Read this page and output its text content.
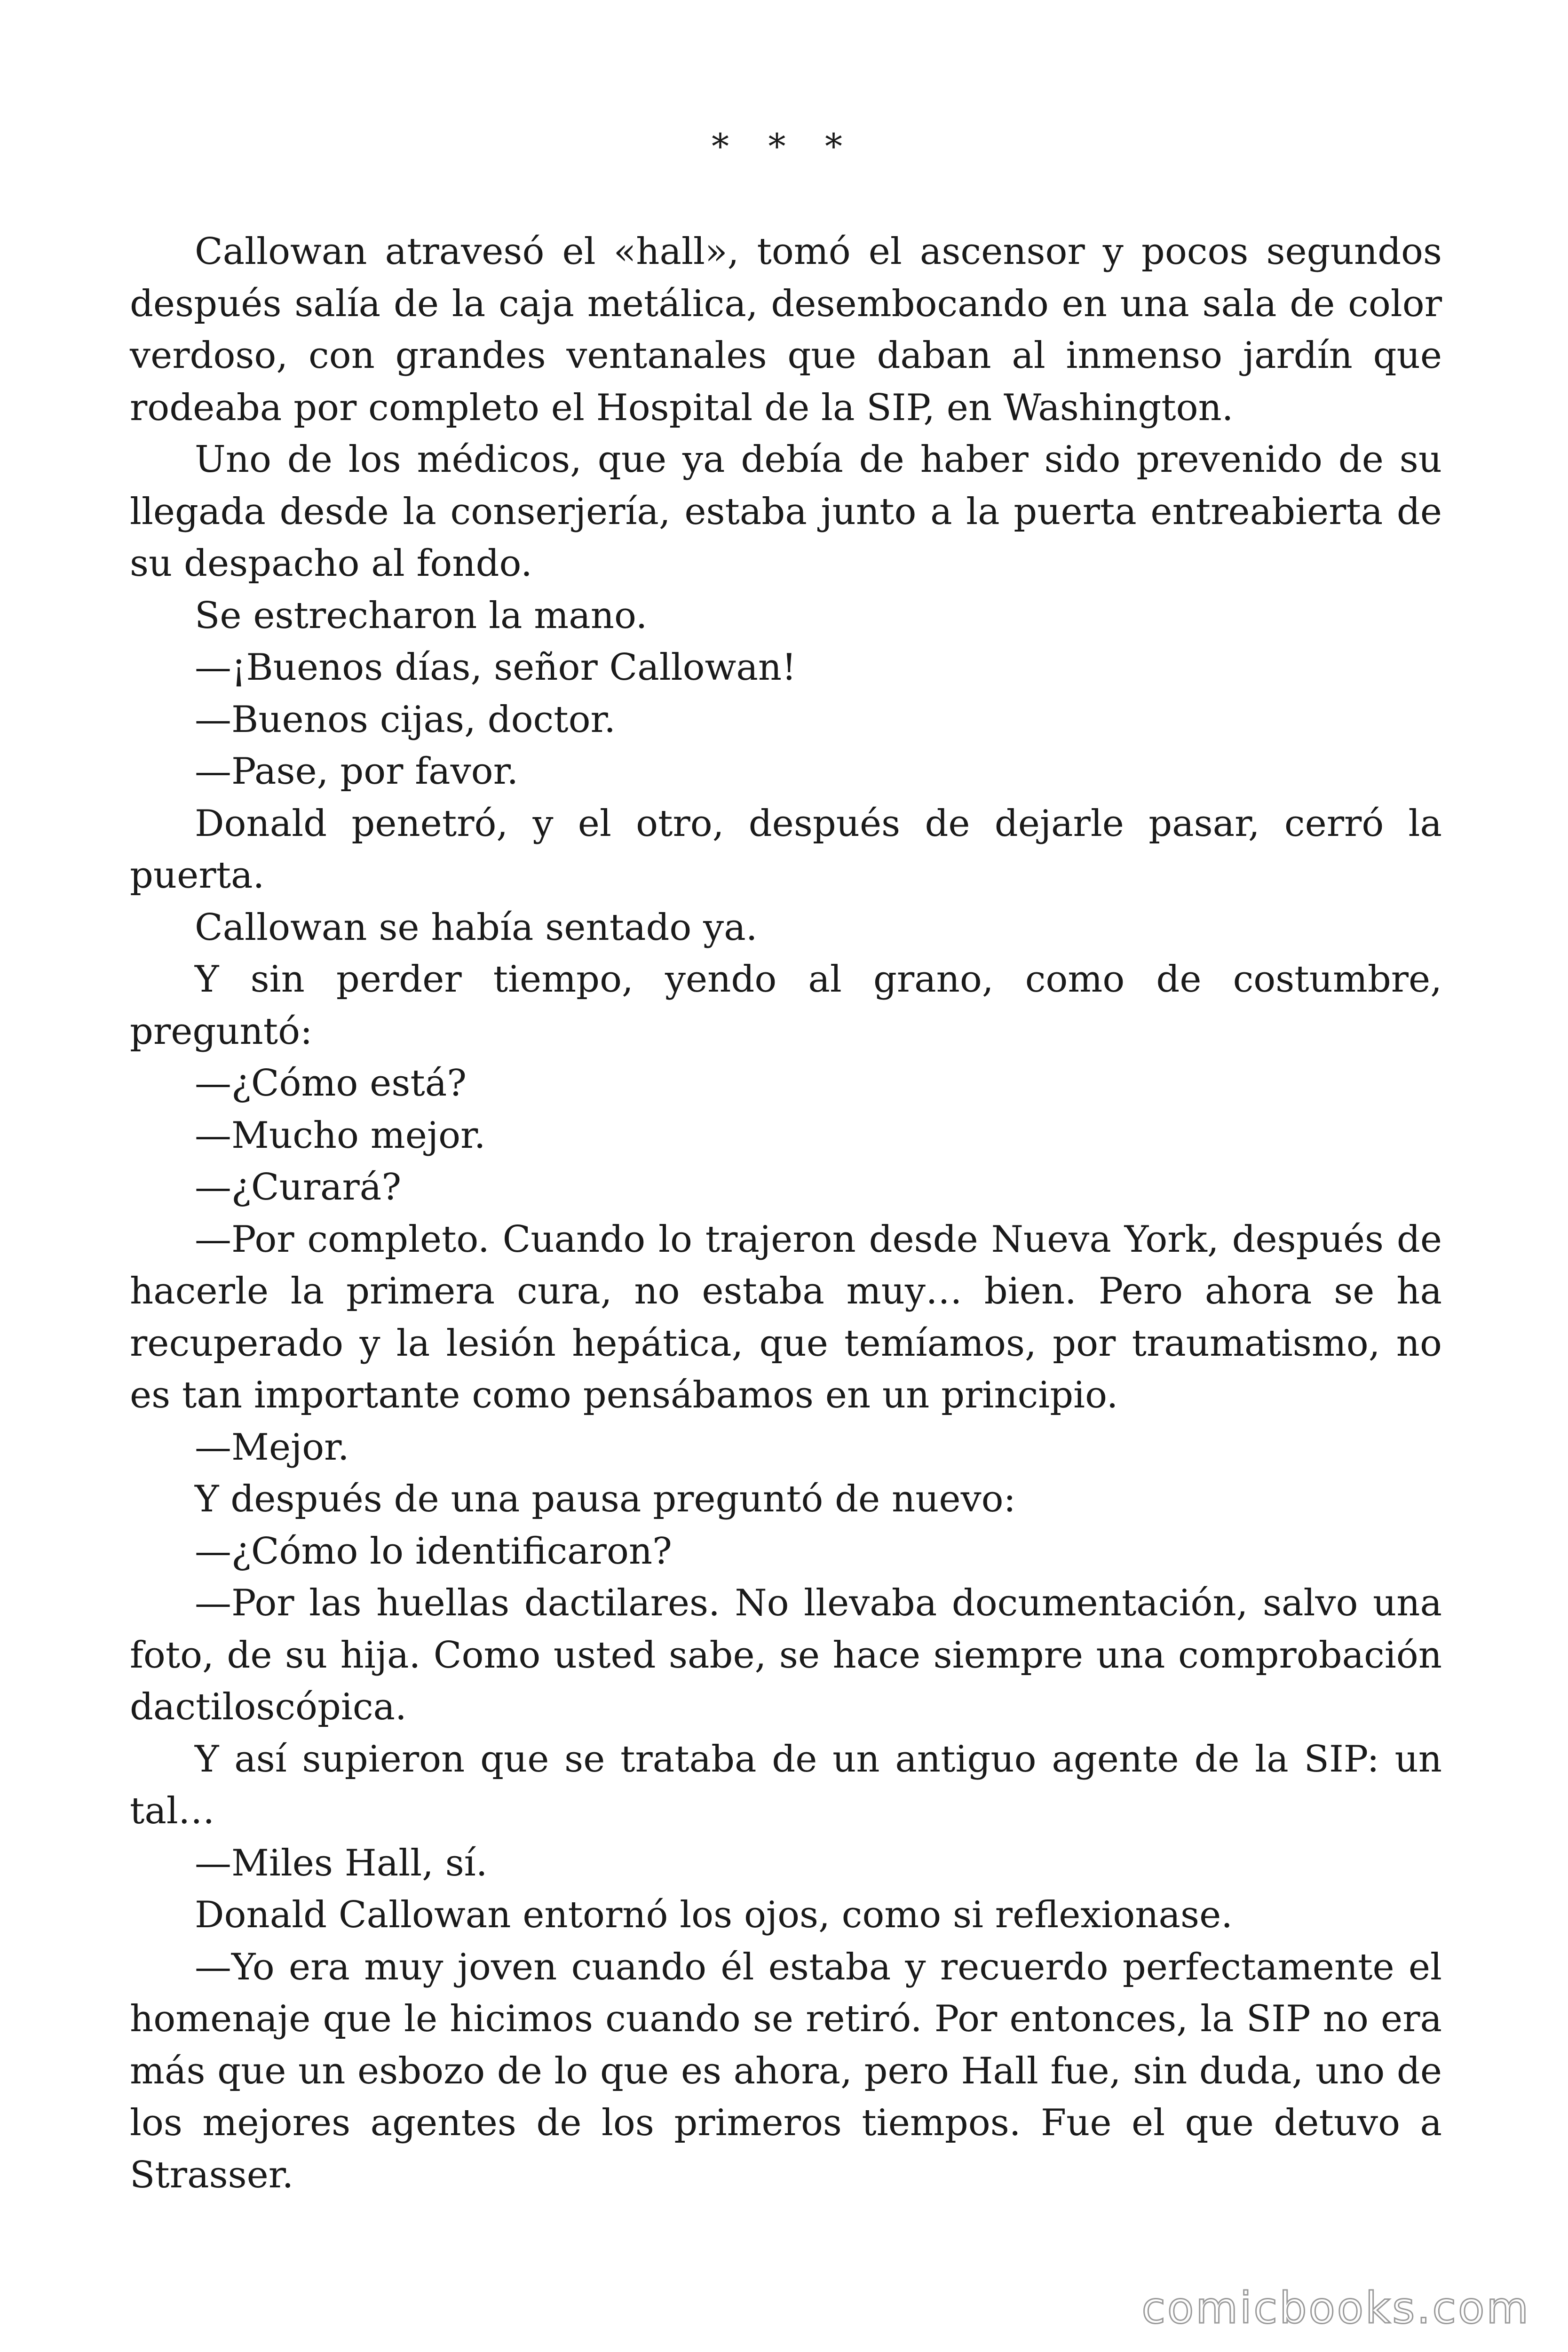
* * *

Callowan atravesó el «hall», tomó el ascensor y pocos segundos después salía de la caja metálica, desembocando en una sala de color verdoso, con grandes ventanales que daban al inmenso jardín que rodeaba por completo el Hospital de la SIP, en Washington.

Uno de los médicos, que ya debía de haber sido prevenido de su llegada desde la conserjería, estaba junto a la puerta entreabierta de su despacho al fondo.

Se estrecharon la mano.

—¡Buenos días, señor Callowan!

—Buenos cijas, doctor.

—Pase, por favor.

Donald penetró, y el otro, después de dejarle pasar, cerró la puerta.

Callowan se había sentado ya.

Y sin perder tiempo, yendo al grano, como de costumbre, preguntó:

—¿Cómo está?

—Mucho mejor.

—¿Curará?

—Por completo. Cuando lo trajeron desde Nueva York, después de hacerle la primera cura, no estaba muy… bien. Pero ahora se ha recuperado y la lesión hepática, que temíamos, por traumatismo, no es tan importante como pensábamos en un principio.

—Mejor.

Y después de una pausa preguntó de nuevo:

—¿Cómo lo identificaron?

—Por las huellas dactilares. No llevaba documentación, salvo una foto, de su hija. Como usted sabe, se hace siempre una comprobación dactiloscópica.

Y así supieron que se trataba de un antiguo agente de la SIP: un tal…

—Miles Hall, sí.

Donald Callowan entornó los ojos, como si reflexionase.

—Yo era muy joven cuando él estaba y recuerdo perfectamente el homenaje que le hicimos cuando se retiró. Por entonces, la SIP no era más que un esbozo de lo que es ahora, pero Hall fue, sin duda, uno de los mejores agentes de los primeros tiempos. Fue el que detuvo a Strasser.

comicbooks.com
